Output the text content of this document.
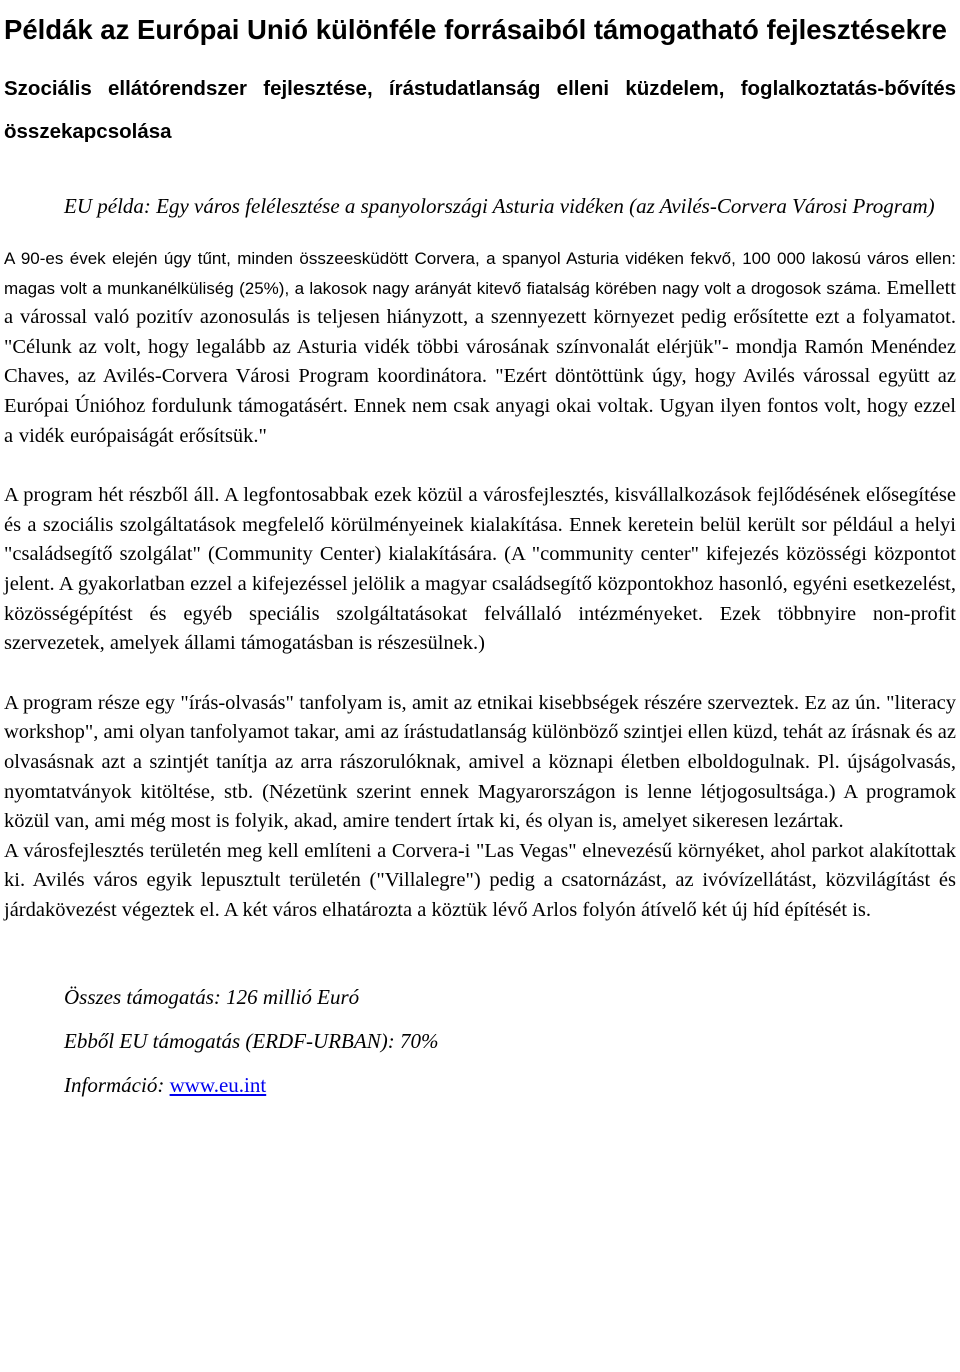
Példák az Európai Unió különféle forrásaiból támogatható fejlesztésekre
Szociális ellátórendszer fejlesztése, írástudatlanság elleni küzdelem, foglalkoztatás-bővítés összekapcsolása
EU példa: Egy város felélesztése a spanyolországi Asturia vidéken (az Avilés-Corvera Városi Program)

A 90-es évek elején úgy tűnt, minden összeesküdött Corvera, a spanyol Asturia vidéken fekvő, 100 000 lakosú város ellen: magas volt a munkanélküliség (25%), a lakosok nagy arányát kitevő fiatalság körében nagy volt a drogosok száma. Emellett a várossal való pozitív azonosulás is teljesen hiányzott, a szennyezett környezet pedig erősítette ezt a folyamatot. "Célunk az volt, hogy legalább az Asturia vidék többi városának színvonalát elérjük"- mondja Ramón Menéndez Chaves, az Avilés-Corvera Városi Program koordinátora. "Ezért döntöttünk úgy, hogy Avilés várossal együtt az Európai Únióhoz fordulunk támogatásért. Ennek nem csak anyagi okai voltak. Ugyan ilyen fontos volt, hogy ezzel a vidék európaiságát erősítsük."

A program hét részből áll. A legfontosabbak ezek közül a városfejlesztés, kisvállalkozások fejlődésének elősegítése és a szociális szolgáltatások megfelelő körülményeinek kialakítása. Ennek keretein belül került sor például a helyi "családsegítő szolgálat" (Community Center) kialakítására. (A "community center" kifejezés közösségi központot jelent. A gyakorlatban ezzel a kifejezéssel jelölik a magyar családsegítő központokhoz hasonló, egyéni esetkezelést, közösségépítést és egyéb speciális szolgáltatásokat felvállaló intézményeket. Ezek többnyire non-profit szervezetek, amelyek állami támogatásban is részesülnek.)

A program része egy "írás-olvasás" tanfolyam is, amit az etnikai kisebbségek részére szerveztek. Ez az ún. "literacy workshop", ami olyan tanfolyamot takar, ami az írástudatlanság különböző szintjei ellen küzd, tehát az írásnak és az olvasásnak azt a szintjét tanítja az arra rászorulóknak, amivel a köznapi életben elboldogulnak. Pl. újságolvasás, nyomtatványok kitöltése, stb. (Nézetünk szerint ennek Magyarországon is lenne létjogosultsága.) A programok közül van, ami még most is folyik, akad, amire tendert írtak ki, és olyan is, amelyet sikeresen lezártak.

A városfejlesztés területén meg kell említeni a Corvera-i "Las Vegas" elnevezésű környéket, ahol parkot alakítottak ki. Avilés város egyik lepusztult területén ("Villalegre") pedig a csatornázást, az ivóvízellátást, közvilágítást és járdakövezést végeztek el. A két város elhatározta a köztük lévő Arlos folyón átívelő két új híd építését is.

Összes támogatás: 126 millió Euró

Ebből EU támogatás (ERDF-URBAN): 70%

Információ: www.eu.int
